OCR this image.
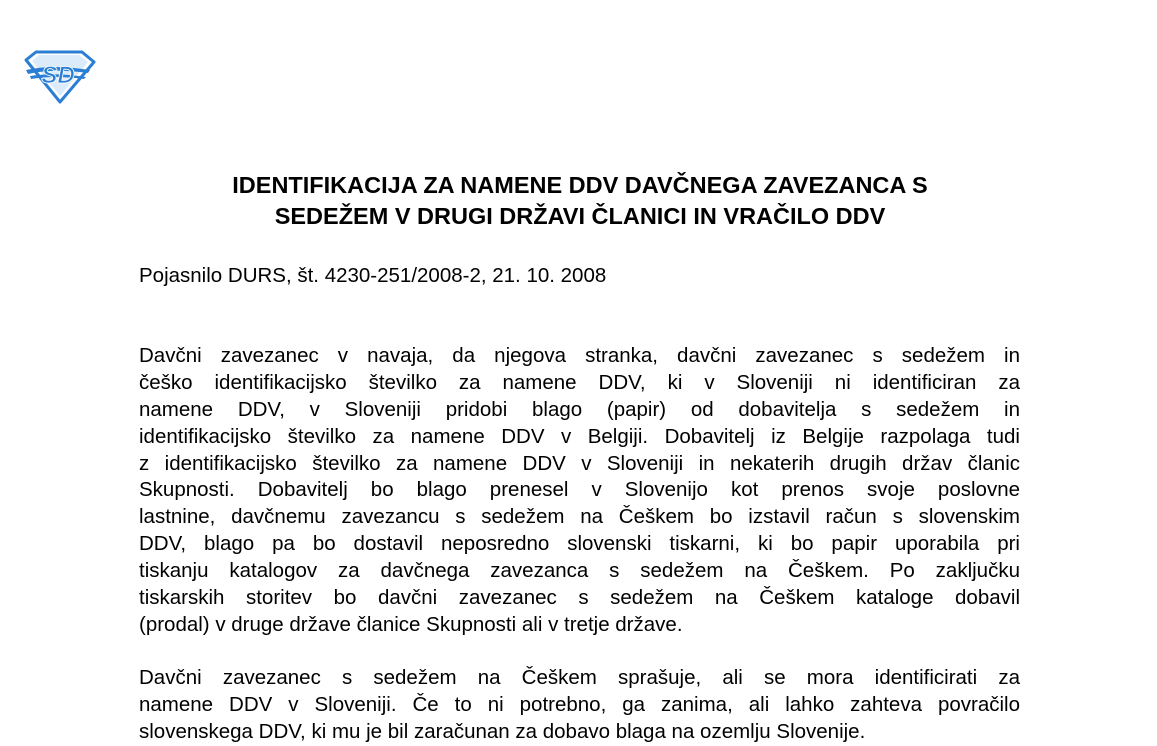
SD
IDENTIFIKACIJA ZA NAMENE DDV DAVČNEGA ZAVEZANCA S
SEDEŽEM V DRUGI DRŽAVI ČLANICI IN VRAČILO DDV

Pojasnilo DURS, št. 4230-251/2008-2, 21. 10. 2008

Davčni zavezanec v navaja, da njegova stranka, davčni zavezanec s sedežem in
češko identifikacijsko številko za namene DDV, ki v Sloveniji ni identificiran za
namene DDV, v Sloveniji pridobi blago (papir) od dobavitelja s sedežem in
identifikacijsko številko za namene DDV v Belgiji. Dobavitelj iz Belgije razpolaga tudi
z identifikacijsko številko za namene DDV v Sloveniji in nekaterih drugih držav članic
Skupnosti. Dobavitelj bo blago prenesel v Slovenijo kot prenos svoje poslovne
lastnine, davčnemu zavezancu s sedežem na Češkem bo izstavil račun s slovenskim
DDV, blago pa bo dostavil neposredno slovenski tiskarni, ki bo papir uporabila pri
tiskanju katalogov za davčnega zavezanca s sedežem na Češkem. Po zaključku
tiskarskih storitev bo davčni zavezanec s sedežem na Češkem kataloge dobavil
(prodal) v druge države članice Skupnosti ali v tretje države.
Davčni zavezanec s sedežem na Češkem sprašuje, ali se mora identificirati za
namene DDV v Sloveniji. Če to ni potrebno, ga zanima, ali lahko zahteva povračilo
slovenskega DDV, ki mu je bil zaračunan za dobavo blaga na ozemlju Slovenije.
